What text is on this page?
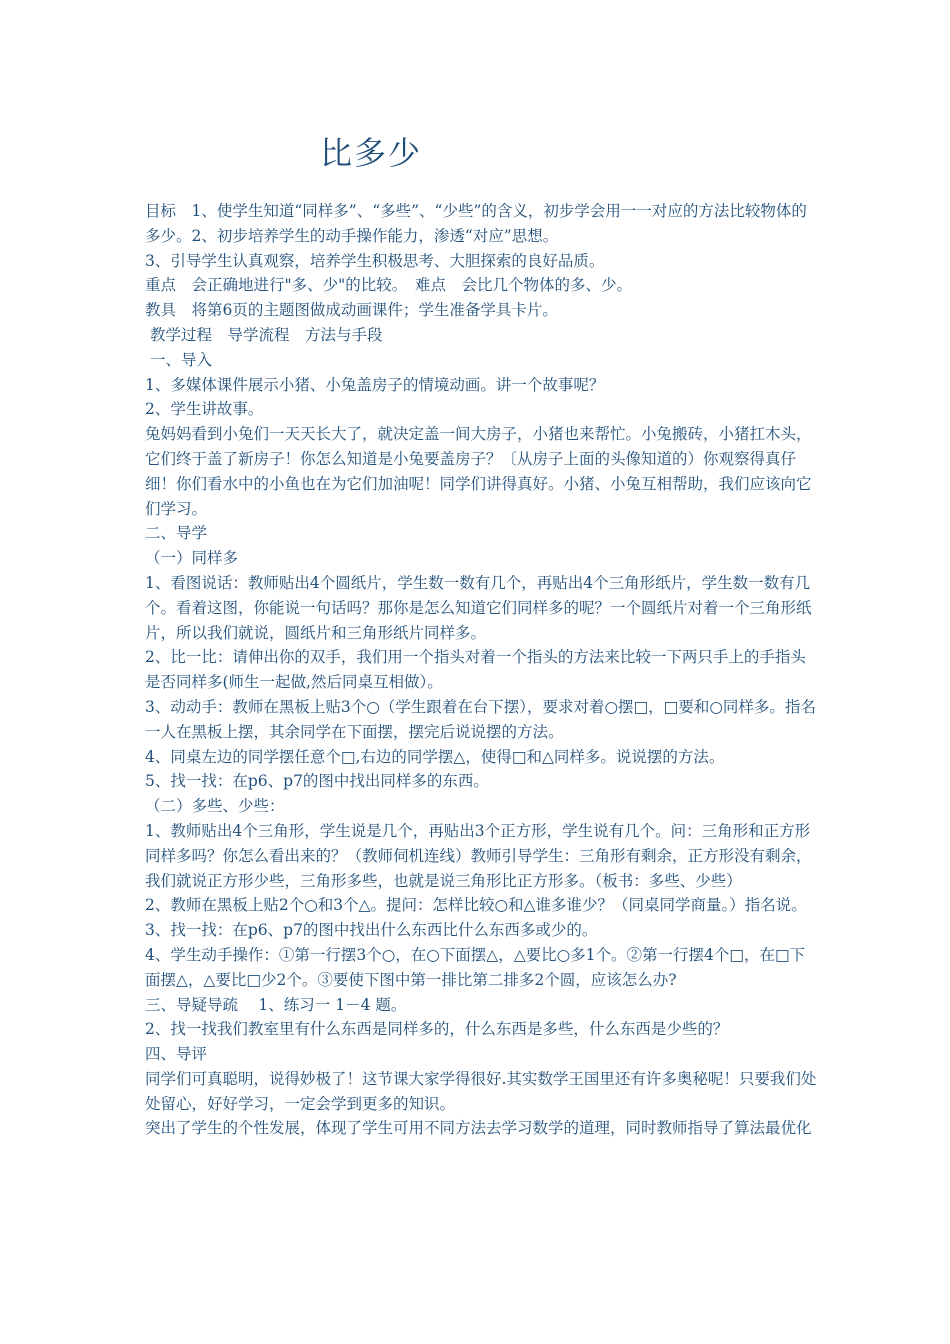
比多少

目标　1、使学生知道“同样多”、“多些”、“少些”的含义，初步学会用一一对应的方法比较物体的多少。2、初步培养学生的动手操作能力，渗透“对应”思想。

3、引导学生认真观察，培养学生积极思考、大胆探索的良好品质。

重点　会正确地进行"多、少"的比较。　难点　会比几个物体的多、少。

教具　将第6页的主题图做成动画课件；学生准备学具卡片。

教学过程　导学流程　方法与手段

一、导入

1、多媒体课件展示小猪、小兔盖房子的情境动画。讲一个故事呢？

2、学生讲故事。

兔妈妈看到小兔们一天天长大了，就决定盖一间大房子，小猪也来帮忙。小兔搬砖，小猪扛木头，它们终于盖了新房子！你怎么知道是小兔要盖房子？〔从房子上面的头像知道的）你观察得真仔细！你们看水中的小鱼也在为它们加油呢！同学们讲得真好。小猪、小兔互相帮助，我们应该向它们学习。

二、导学

（一）同样多

1、看图说话：教师贴出4个圆纸片，学生数一数有几个，再贴出4个三角形纸片，学生数一数有几个。看着这图，你能说一句话吗？那你是怎么知道它们同样多的呢？一个圆纸片对着一个三角形纸片，所以我们就说，圆纸片和三角形纸片同样多。

2、比一比：请伸出你的双手，我们用一个指头对着一个指头的方法来比较一下两只手上的手指头是否同样多(师生一起做,然后同桌互相做）。

3、动动手：教师在黑板上贴3个○（学生跟着在台下摆），要求对着○摆□，□要和○同样多。指名一人在黑板上摆，其余同学在下面摆，摆完后说说摆的方法。

4、同桌左边的同学摆任意个□,右边的同学摆△，使得□和△同样多。说说摆的方法。

5、找一找：在p6、p7的图中找出同样多的东西。

（二）多些、少些：

1、教师贴出4个三角形，学生说是几个，再贴出3个正方形，学生说有几个。问：三角形和正方形同样多吗？你怎么看出来的？（教师伺机连线）教师引导学生：三角形有剩余，正方形没有剩余，我们就说正方形少些，三角形多些，也就是说三角形比正方形多。（板书：多些、少些）

2、教师在黑板上贴2个○和3个△。提问：怎样比较○和△谁多谁少？（同桌同学商量。）指名说。

3、找一找：在p6、p7的图中找出什么东西比什么东西多或少的。

4、学生动手操作：①第一行摆3个○，在○下面摆△，△要比○多1个。②第一行摆4个□，在□下面摆△，△要比□少2个。③要使下图中第一排比第二排多2个圆，应该怎么办?

三、导疑导疏　 1、练习一 1－4 题。

2、找一找我们教室里有什么东西是同样多的，什么东西是多些，什么东西是少些的？

四、导评

同学们可真聪明，说得妙极了！这节课大家学得很好.其实数学王国里还有许多奥秘呢！只要我们处处留心，好好学习，一定会学到更多的知识。

突出了学生的个性发展，体现了学生可用不同方法去学习数学的道理，同时教师指导了算法最优化
